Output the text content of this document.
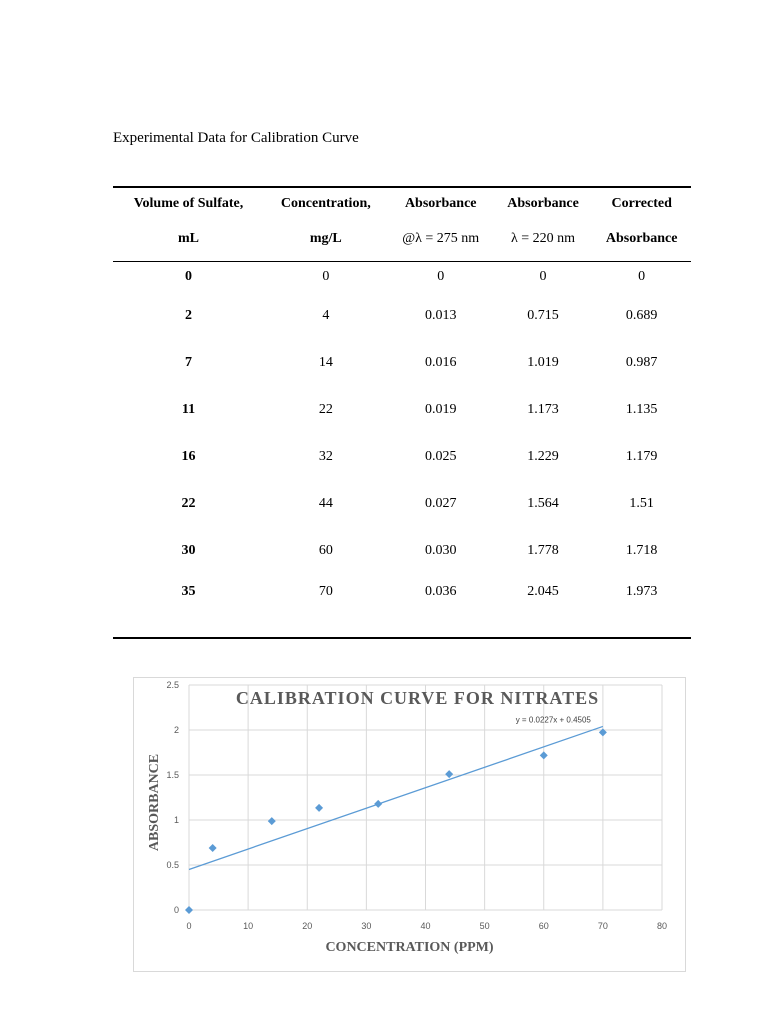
Experimental Data for Calibration Curve
Volume of Sulfate,	Concentration,	Absorbance	Absorbance	Corrected
mL	mg/L	@λ = 275 nm	λ = 220 nm	Absorbance
0	0	0	0	0
2	4	0.013	0.715	0.689
7	14	0.016	1.019	0.987
11	22	0.019	1.173	1.135
16	32	0.025	1.229	1.179
22	44	0.027	1.564	1.51
30	60	0.030	1.778	1.718
35	70	0.036	2.045	1.973
0
0.5
1
1.5
2
2.5
0	10	20	30	40	50	60	70	80
CALIBRATION CURVE FOR NITRATES
CONCENTRATION (PPM)
ABSORBANCE
y = 0.0227x + 0.4505
